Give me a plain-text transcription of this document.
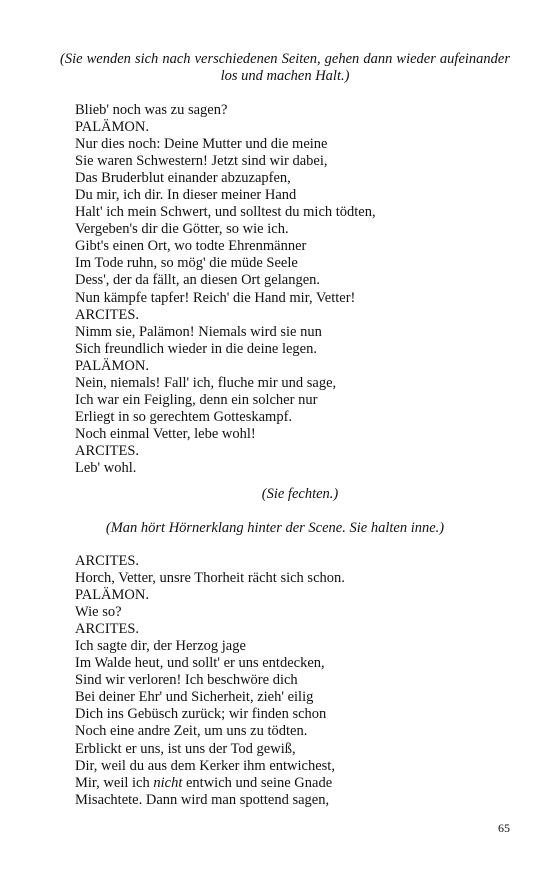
(Sie wenden sich nach verschiedenen Seiten, gehen dann wieder aufeinander los und machen Halt.)
Blieb' noch was zu sagen?
PALÄMON.
Nur dies noch: Deine Mutter und die meine
Sie waren Schwestern! Jetzt sind wir dabei,
Das Bruderblut einander abzuzapfen,
Du mir, ich dir. In dieser meiner Hand
Halt' ich mein Schwert, und solltest du mich tödten,
Vergeben's dir die Götter, so wie ich.
Gibt's einen Ort, wo todte Ehrenmänner
Im Tode ruhn, so mög' die müde Seele
Dess', der da fällt, an diesen Ort gelangen.
Nun kämpfe tapfer! Reich' die Hand mir, Vetter!
ARCITES.
Nimm sie, Palämon! Niemals wird sie nun
Sich freundlich wieder in die deine legen.
PALÄMON.
Nein, niemals! Fall' ich, fluche mir und sage,
Ich war ein Feigling, denn ein solcher nur
Erliegt in so gerechtem Gotteskampf.
Noch einmal Vetter, lebe wohl!
ARCITES.
Leb' wohl.
(Sie fechten.)
(Man hört Hörnerklang hinter der Scene. Sie halten inne.)
ARCITES.
Horch, Vetter, unsre Thorheit rächt sich schon.
PALÄMON.
Wie so?
ARCITES.
Ich sagte dir, der Herzog jage
Im Walde heut, und sollt' er uns entdecken,
Sind wir verloren! Ich beschwöre dich
Bei deiner Ehr' und Sicherheit, zieh' eilig
Dich ins Gebüsch zurück; wir finden schon
Noch eine andre Zeit, um uns zu tödten.
Erblickt er uns, ist uns der Tod gewiß,
Dir, weil du aus dem Kerker ihm entwichest,
Mir, weil ich nicht entwich und seine Gnade
Misachtete. Dann wird man spottend sagen,
65
